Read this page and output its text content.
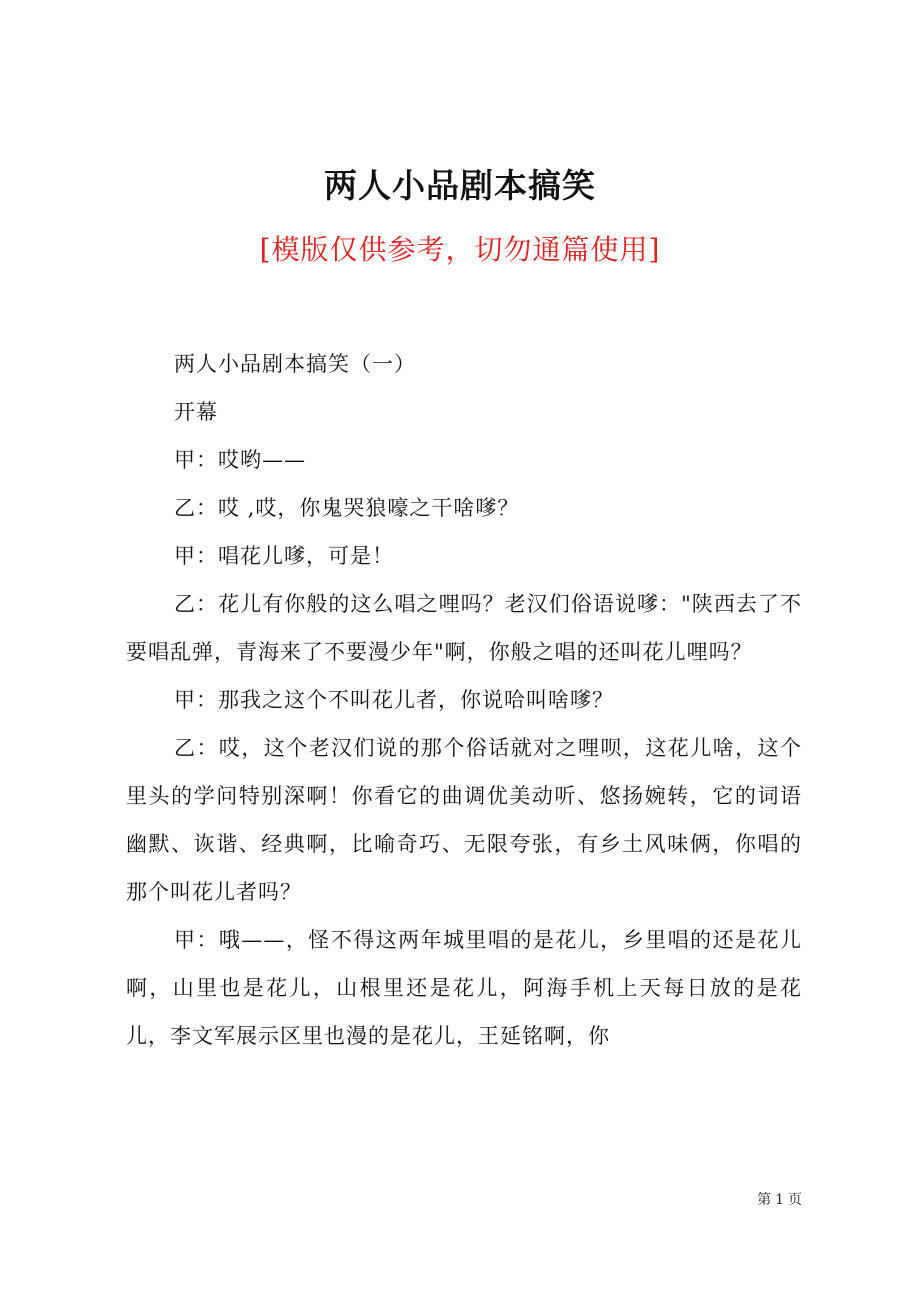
两人小品剧本搞笑
[模版仅供参考，切勿通篇使用]

两人小品剧本搞笑（一）

开幕

甲：哎哟——

乙：哎 ,哎，你鬼哭狼嚎之干啥嗲？

甲：唱花儿嗲，可是！

乙：花儿有你般的这么唱之哩吗？老汉们俗语说嗲："陕西去了不要唱乱弹，青海来了不要漫少年"啊，你般之唱的还叫花儿哩吗？

甲：那我之这个不叫花儿者，你说哈叫啥嗲？

乙：哎，这个老汉们说的那个俗话就对之哩呗，这花儿啥，这个里头的学问特别深啊！你看它的曲调优美动听、悠扬婉转，它的词语幽默、诙谐、经典啊，比喻奇巧、无限夸张，有乡土风味俩，你唱的那个叫花儿者吗？

甲：哦——，怪不得这两年城里唱的是花儿，乡里唱的还是花儿啊，山里也是花儿，山根里还是花儿，阿海手机上天每日放的是花儿，李文军展示区里也漫的是花儿，王延铭啊，你

第 1 页
